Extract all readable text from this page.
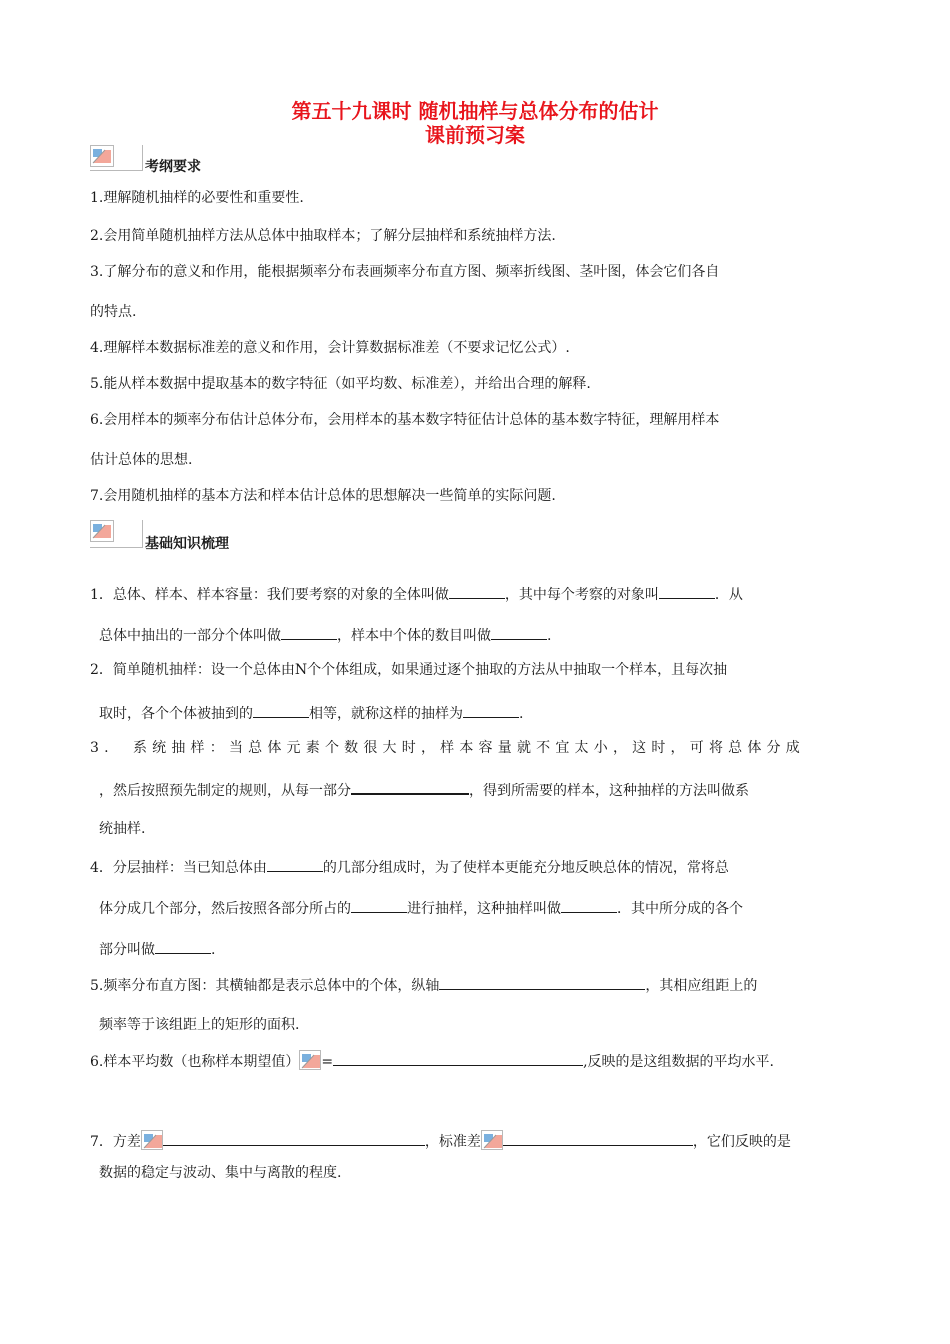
第五十九课时 随机抽样与总体分布的估计
课前预习案
考纲要求
1.理解随机抽样的必要性和重要性.
2.会用简单随机抽样方法从总体中抽取样本；了解分层抽样和系统抽样方法.
3.了解分布的意义和作用，能根据频率分布表画频率分布直方图、频率折线图、茎叶图，体会它们各自
的特点.
4.理解样本数据标准差的意义和作用，会计算数据标准差（不要求记忆公式）.
5.能从样本数据中提取基本的数字特征（如平均数、标准差），并给出合理的解释.
6.会用样本的频率分布估计总体分布，会用样本的基本数字特征估计总体的基本数字特征，理解用样本
估计总体的思想.
7.会用随机抽样的基本方法和样本估计总体的思想解决一些简单的实际问题.
基础知识梳理
1．总体、样本、样本容量：我们要考察的对象的全体叫做	，其中每个考察的对象叫	．从
总体中抽出的一部分个体叫做	，样本中个体的数目叫做	.
2．简单随机抽样：设一个总体由N个个体组成，如果通过逐个抽取的方法从中抽取一个样本，且每次抽
取时，各个个体被抽到的	相等，就称这样的抽样为	.
3.　系统抽样：当总体元素个数很大时，样本容量就不宜太小，这时，可将总体分成
，然后按照预先制定的规则，从每一部分	，得到所需要的样本，这种抽样的方法叫做系
统抽样.
4．分层抽样：当已知总体由	的几部分组成时，为了使样本更能充分地反映总体的情况，常将总
体分成几个部分，然后按照各部分所占的	进行抽样，这种抽样叫做	．其中所分成的各个
部分叫做	.
5.频率分布直方图：其横轴都是表示总体中的个体，纵轴	，其相应组距上的
频率等于该组距上的矩形的面积.
6.样本平均数（也称样本期望值） =	,反映的是这组数据的平均水平.
7．方差	，标准差	，它们反映的是
数据的稳定与波动、集中与离散的程度.
